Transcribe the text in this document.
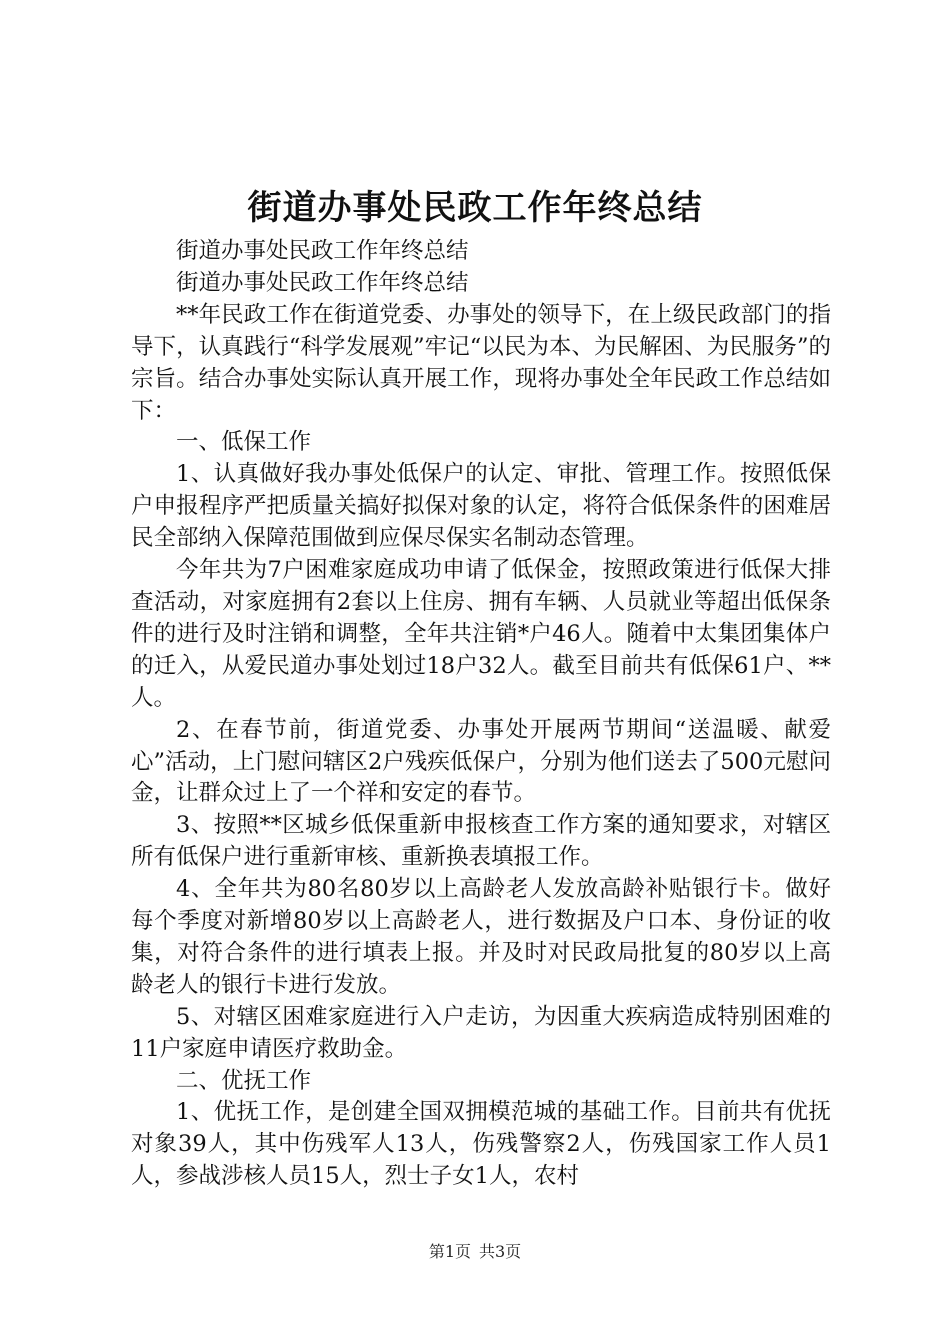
街道办事处民政工作年终总结

街道办事处民政工作年终总结

街道办事处民政工作年终总结

**年民政工作在街道党委、办事处的领导下，在上级民政部门的指导下，认真践行“科学发展观”牢记“以民为本、为民解困、为民服务”的宗旨。结合办事处实际认真开展工作，现将办事处全年民政工作总结如下：

一、低保工作

1、认真做好我办事处低保户的认定、审批、管理工作。按照低保户申报程序严把质量关搞好拟保对象的认定，将符合低保条件的困难居民全部纳入保障范围做到应保尽保实名制动态管理。

今年共为7户困难家庭成功申请了低保金，按照政策进行低保大排查活动，对家庭拥有2套以上住房、拥有车辆、人员就业等超出低保条件的进行及时注销和调整，全年共注销*户46人。随着中太集团集体户的迁入，从爱民道办事处划过18户32人。截至目前共有低保61户、**人。

2、在春节前，街道党委、办事处开展两节期间“送温暖、献爱心”活动，上门慰问辖区2户残疾低保户，分别为他们送去了500元慰问金，让群众过上了一个祥和安定的春节。

3、按照**区城乡低保重新申报核查工作方案的通知要求，对辖区所有低保户进行重新审核、重新换表填报工作。

4、全年共为80名80岁以上高龄老人发放高龄补贴银行卡。做好每个季度对新增80岁以上高龄老人，进行数据及户口本、身份证的收集，对符合条件的进行填表上报。并及时对民政局批复的80岁以上高龄老人的银行卡进行发放。

5、对辖区困难家庭进行入户走访，为因重大疾病造成特别困难的11户家庭申请医疗救助金。

二、优抚工作

1、优抚工作，是创建全国双拥模范城的基础工作。目前共有优抚对象39人，其中伤残军人13人，伤残警察2人，伤残国家工作人员1人，参战涉核人员15人，烈士子女1人，农村

第1页 共3页
